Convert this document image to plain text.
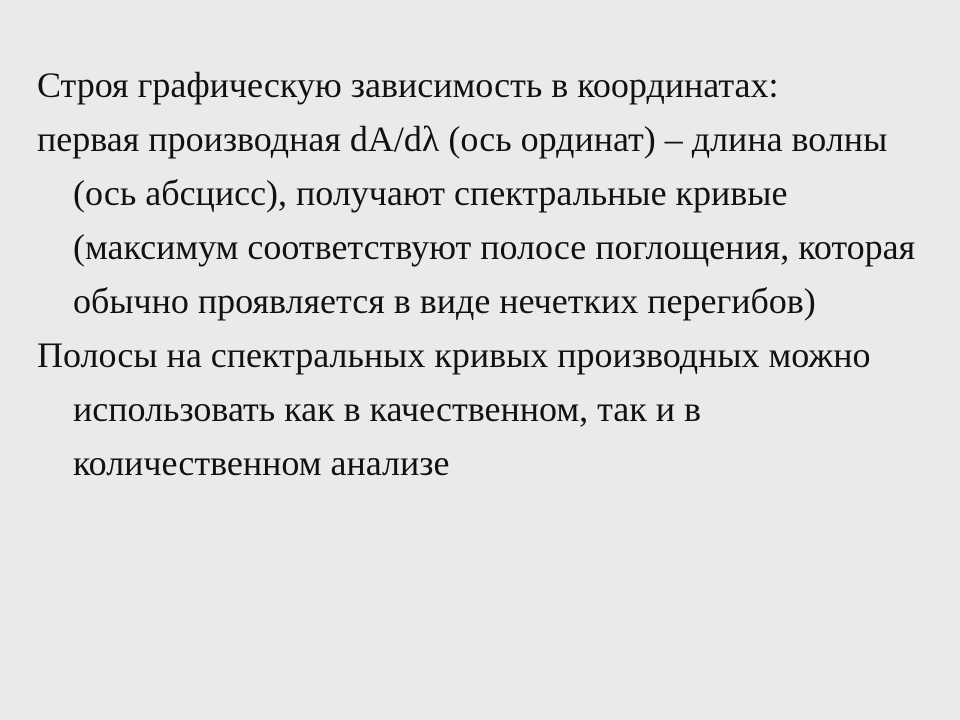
Строя графическую зависимость в координатах:

первая производная dA/dλ (ось ординат) – длина волны (ось абсцисс), получают спектральные кривые (максимум соответствуют полосе поглощения, которая обычно проявляется в виде нечетких перегибов)

Полосы на спектральных кривых производных можно использовать как в качественном, так и в количественном анализе
